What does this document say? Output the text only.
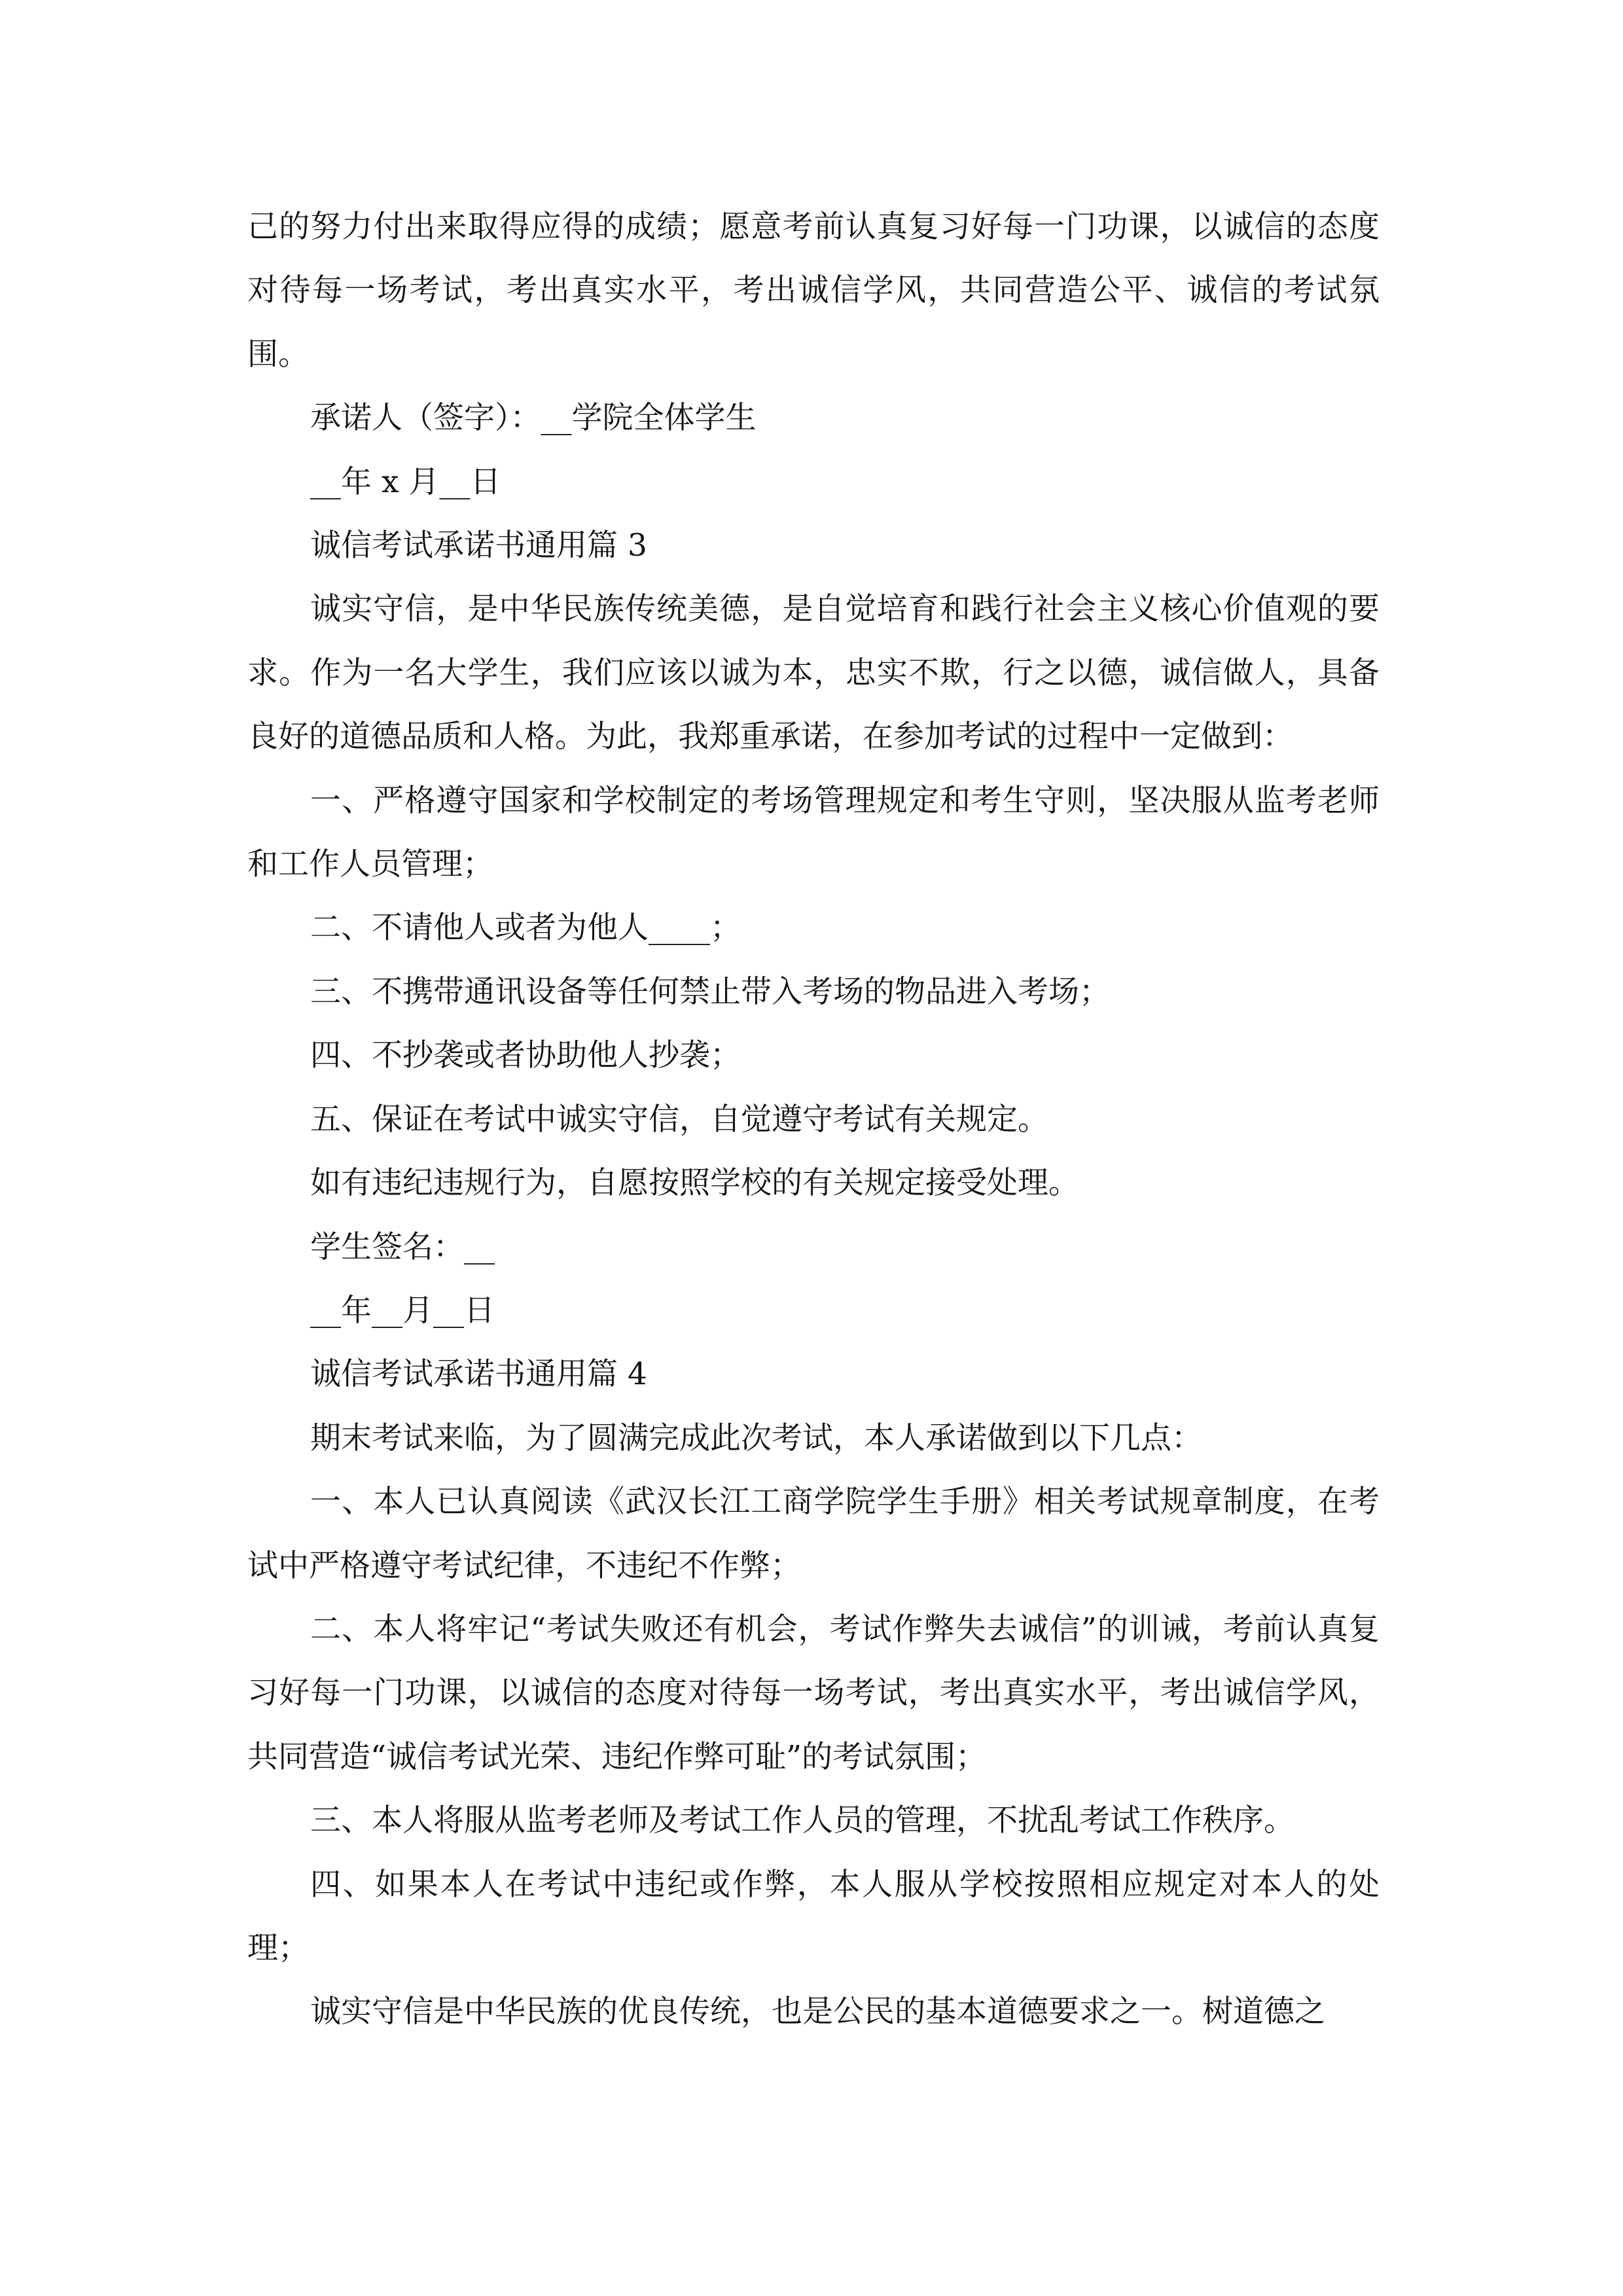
己的努力付出来取得应得的成绩；愿意考前认真复习好每一门功课，以诚信的态度对待每一场考试，考出真实水平，考出诚信学风，共同营造公平、诚信的考试氛围。

承诺人（签字）：__学院全体学生

__年 x 月__日

诚信考试承诺书通用篇 3

诚实守信，是中华民族传统美德，是自觉培育和践行社会主义核心价值观的要求。作为一名大学生，我们应该以诚为本，忠实不欺，行之以德，诚信做人，具备良好的道德品质和人格。为此，我郑重承诺，在参加考试的过程中一定做到：

一、严格遵守国家和学校制定的考场管理规定和考生守则，坚决服从监考老师和工作人员管理；

二、不请他人或者为他人____；

三、不携带通讯设备等任何禁止带入考场的物品进入考场；

四、不抄袭或者协助他人抄袭；

五、保证在考试中诚实守信，自觉遵守考试有关规定。

如有违纪违规行为，自愿按照学校的有关规定接受处理。

学生签名：__

__年__月__日

诚信考试承诺书通用篇 4

期末考试来临，为了圆满完成此次考试，本人承诺做到以下几点：

一、本人已认真阅读《武汉长江工商学院学生手册》相关考试规章制度，在考试中严格遵守考试纪律，不违纪不作弊；

二、本人将牢记“考试失败还有机会，考试作弊失去诚信”的训诫，考前认真复习好每一门功课，以诚信的态度对待每一场考试，考出真实水平，考出诚信学风，共同营造“诚信考试光荣、违纪作弊可耻”的考试氛围；

三、本人将服从监考老师及考试工作人员的管理，不扰乱考试工作秩序。

四、如果本人在考试中违纪或作弊，本人服从学校按照相应规定对本人的处理；

诚实守信是中华民族的优良传统，也是公民的基本道德要求之一。树道德之
